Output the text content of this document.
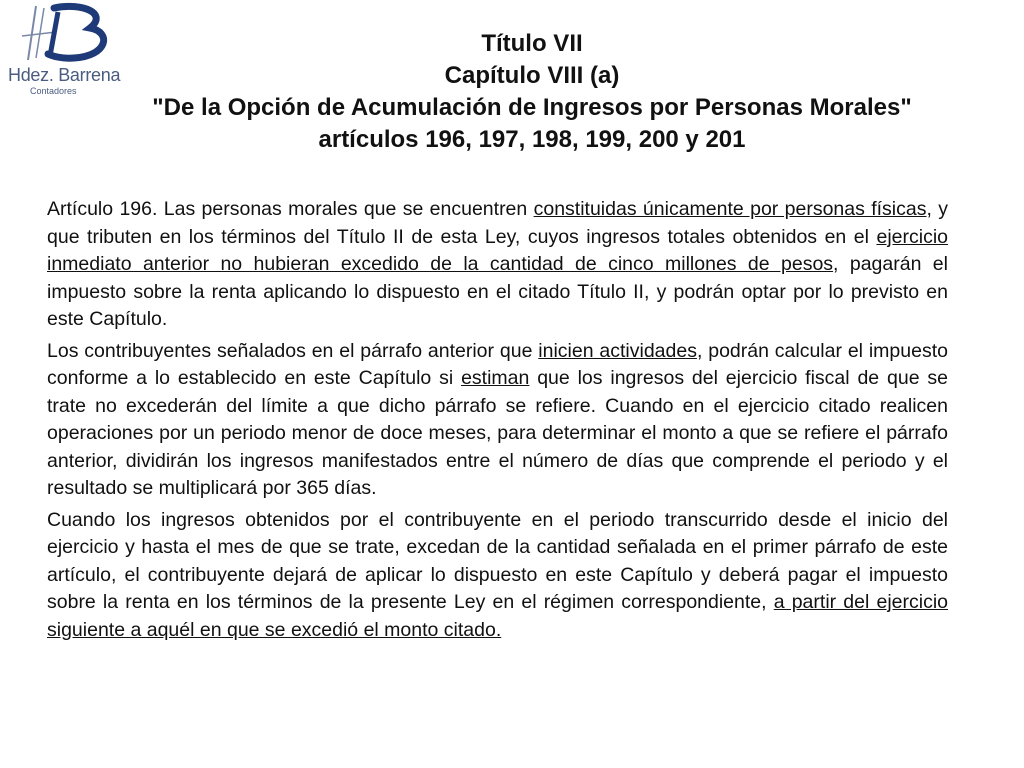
Hdez. Barrena
Contadores
Título VII
Capítulo VIII (a)
"De la Opción de Acumulación de Ingresos por Personas Morales"
artículos 196, 197, 198, 199, 200 y 201

Artículo 196. Las personas morales que se encuentren constituidas únicamente por personas físicas, y que tributen en los términos del Título II de esta Ley, cuyos ingresos totales obtenidos en el ejercicio inmediato anterior no hubieran excedido de la cantidad de cinco millones de pesos, pagarán el impuesto sobre la renta aplicando lo dispuesto en el citado Título II, y podrán optar por lo previsto en este Capítulo.

Los contribuyentes señalados en el párrafo anterior que inicien actividades, podrán calcular el impuesto conforme a lo establecido en este Capítulo si estiman que los ingresos del ejercicio fiscal de que se trate no excederán del límite a que dicho párrafo se refiere. Cuando en el ejercicio citado realicen operaciones por un periodo menor de doce meses, para determinar el monto a que se refiere el párrafo anterior, dividirán los ingresos manifestados entre el número de días que comprende el periodo y el resultado se multiplicará por 365 días.

Cuando los ingresos obtenidos por el contribuyente en el periodo transcurrido desde el inicio del ejercicio y hasta el mes de que se trate, excedan de la cantidad señalada en el primer párrafo de este artículo, el contribuyente dejará de aplicar lo dispuesto en este Capítulo y deberá pagar el impuesto sobre la renta en los términos de la presente Ley en el régimen correspondiente, a partir del ejercicio siguiente a aquél en que se excedió el monto citado.
